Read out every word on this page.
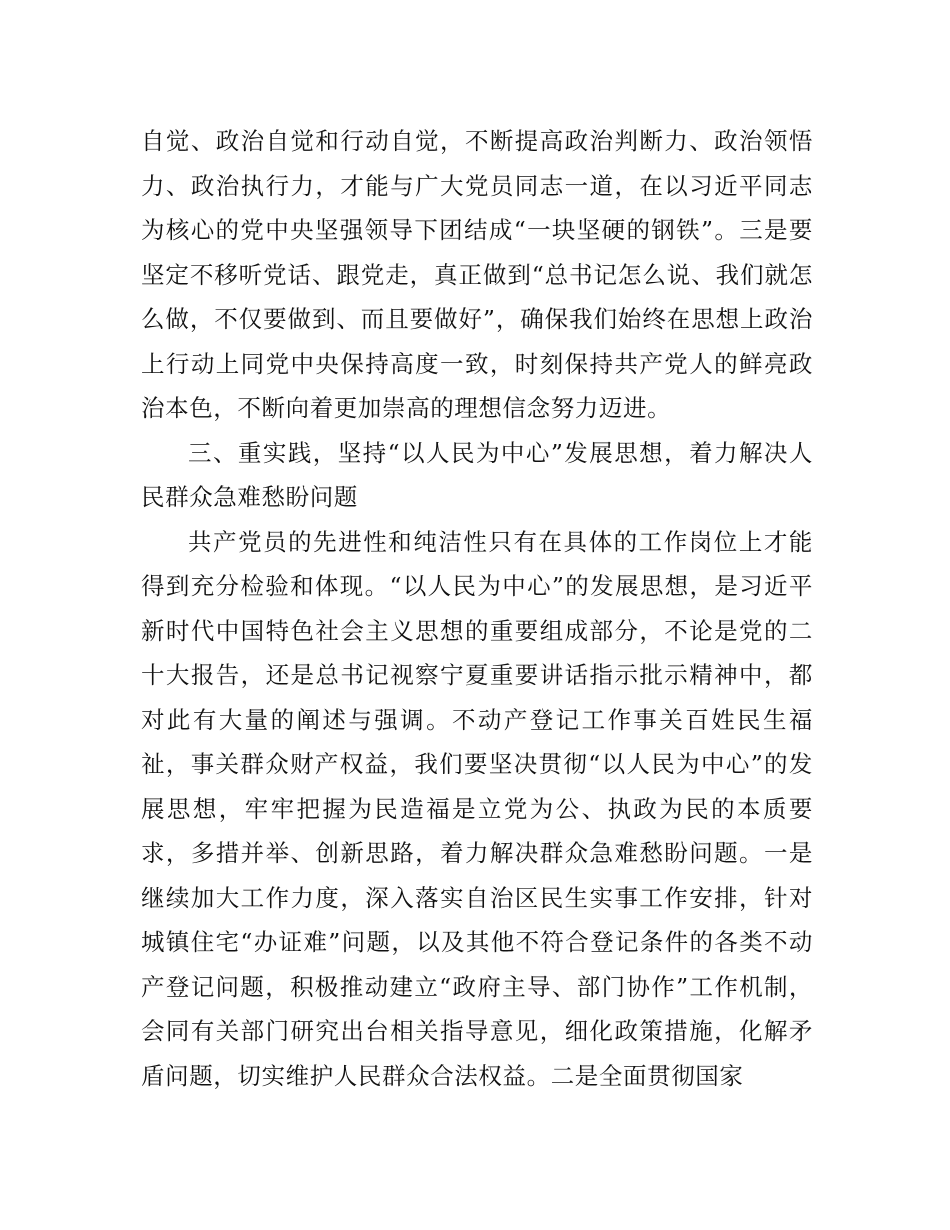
自觉、政治自觉和行动自觉，不断提高政治判断力、政治领悟力、政治执行力，才能与广大党员同志一道，在以习近平同志为核心的党中央坚强领导下团结成“一块坚硬的钢铁”。三是要坚定不移听党话、跟党走，真正做到“总书记怎么说、我们就怎么做，不仅要做到、而且要做好”，确保我们始终在思想上政治上行动上同党中央保持高度一致，时刻保持共产党人的鲜亮政治本色，不断向着更加崇高的理想信念努力迈进。

三、重实践，坚持“以人民为中心”发展思想，着力解决人民群众急难愁盼问题

共产党员的先进性和纯洁性只有在具体的工作岗位上才能得到充分检验和体现。“以人民为中心”的发展思想，是习近平新时代中国特色社会主义思想的重要组成部分，不论是党的二十大报告，还是总书记视察宁夏重要讲话指示批示精神中，都对此有大量的阐述与强调。不动产登记工作事关百姓民生福祉，事关群众财产权益，我们要坚决贯彻“以人民为中心”的发展思想，牢牢把握为民造福是立党为公、执政为民的本质要求，多措并举、创新思路，着力解决群众急难愁盼问题。一是继续加大工作力度，深入落实自治区民生实事工作安排，针对城镇住宅“办证难”问题，以及其他不符合登记条件的各类不动产登记问题，积极推动建立“政府主导、部门协作”工作机制，会同有关部门研究出台相关指导意见，细化政策措施，化解矛盾问题，切实维护人民群众合法权益。二是全面贯彻国家
